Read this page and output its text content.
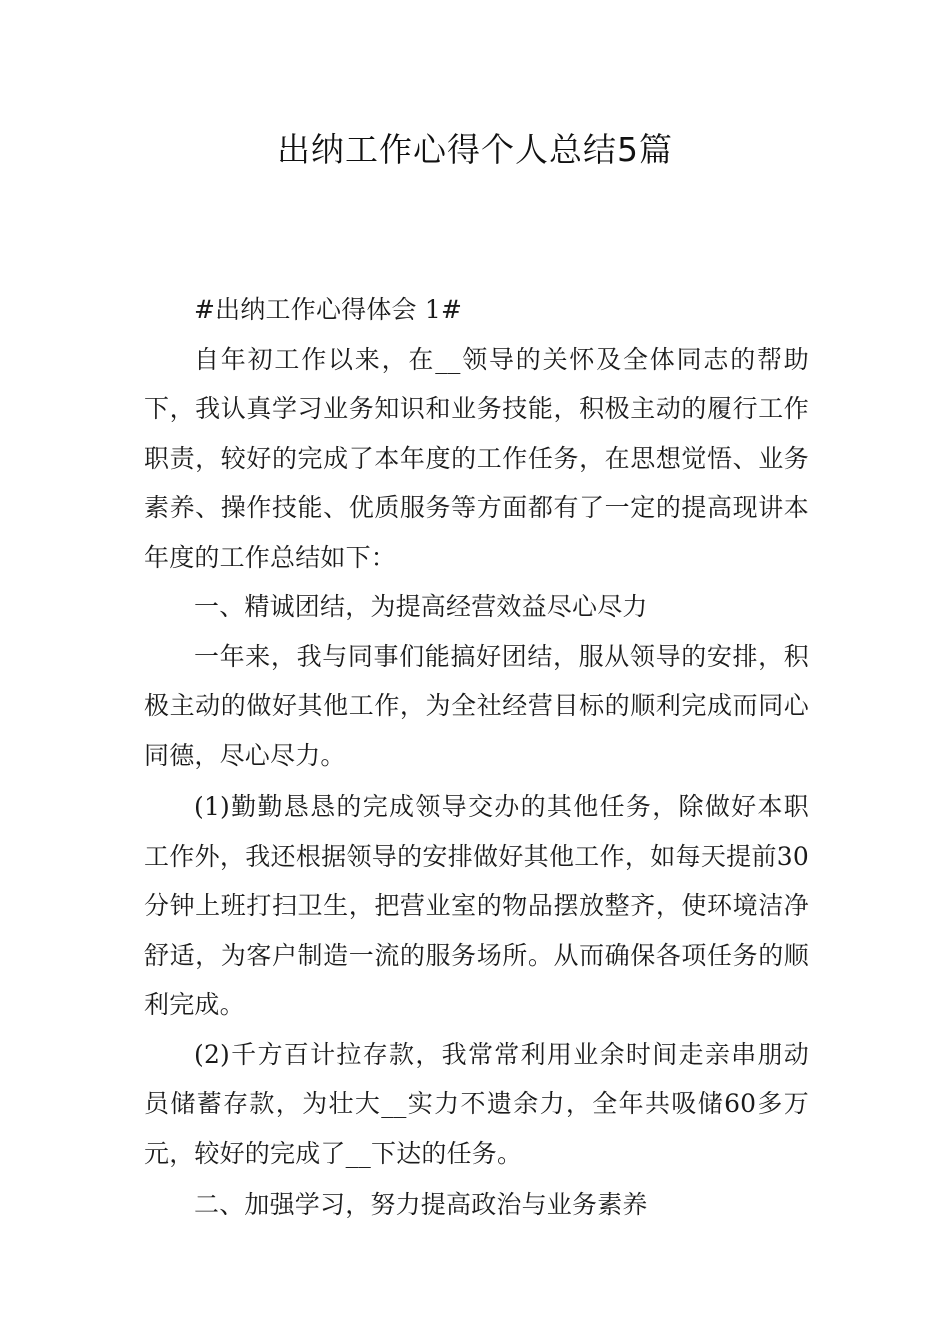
出纳工作心得个人总结5篇

#出纳工作心得体会 1#

自年初工作以来，在__领导的关怀及全体同志的帮助下，我认真学习业务知识和业务技能，积极主动的履行工作职责，较好的完成了本年度的工作任务，在思想觉悟、业务素养、操作技能、优质服务等方面都有了一定的提高现讲本年度的工作总结如下：

一、精诚团结，为提高经营效益尽心尽力

一年来，我与同事们能搞好团结，服从领导的安排，积极主动的做好其他工作，为全社经营目标的顺利完成而同心同德，尽心尽力。

(1)勤勤恳恳的完成领导交办的其他任务，除做好本职工作外，我还根据领导的安排做好其他工作，如每天提前30分钟上班打扫卫生，把营业室的物品摆放整齐，使环境洁净舒适，为客户制造一流的服务场所。从而确保各项任务的顺利完成。

(2)千方百计拉存款，我常常利用业余时间走亲串朋动员储蓄存款，为壮大__实力不遗余力，全年共吸储60多万元，较好的完成了__下达的任务。

二、加强学习，努力提高政治与业务素养
